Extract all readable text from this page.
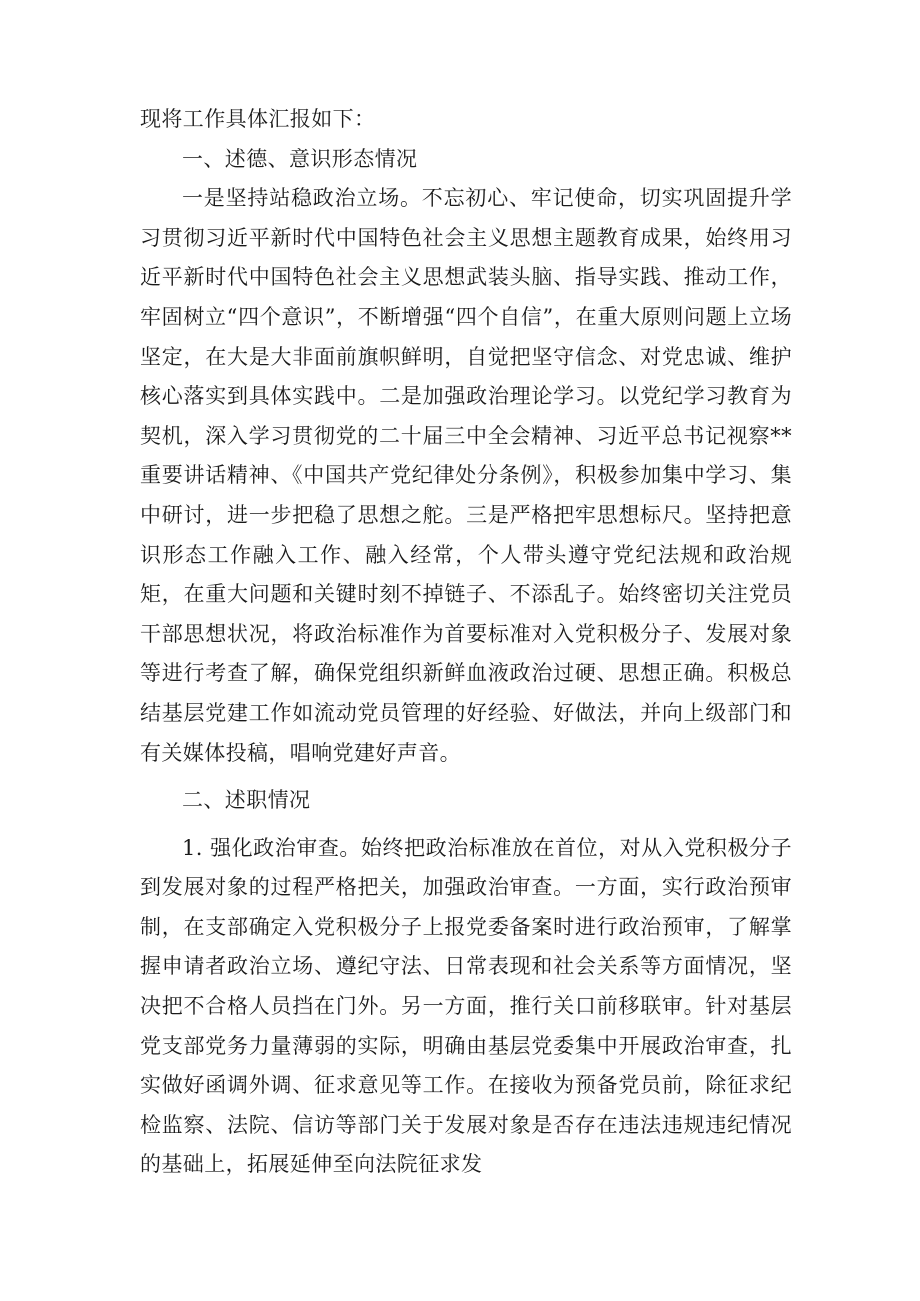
现将工作具体汇报如下：

一、述德、意识形态情况

一是坚持站稳政治立场。不忘初心、牢记使命，切实巩固提升学习贯彻习近平新时代中国特色社会主义思想主题教育成果，始终用习近平新时代中国特色社会主义思想武装头脑、指导实践、推动工作，牢固树立“四个意识”，不断增强“四个自信”，在重大原则问题上立场坚定，在大是大非面前旗帜鲜明，自觉把坚守信念、对党忠诚、维护核心落实到具体实践中。二是加强政治理论学习。以党纪学习教育为契机，深入学习贯彻党的二十届三中全会精神、习近平总书记视察**重要讲话精神、《中国共产党纪律处分条例》，积极参加集中学习、集中研讨，进一步把稳了思想之舵。三是严格把牢思想标尺。坚持把意识形态工作融入工作、融入经常，个人带头遵守党纪法规和政治规矩，在重大问题和关键时刻不掉链子、不添乱子。始终密切关注党员干部思想状况，将政治标准作为首要标准对入党积极分子、发展对象等进行考查了解，确保党组织新鲜血液政治过硬、思想正确。积极总结基层党建工作如流动党员管理的好经验、好做法，并向上级部门和有关媒体投稿，唱响党建好声音。

二、述职情况

1. 强化政治审查。始终把政治标准放在首位，对从入党积极分子到发展对象的过程严格把关，加强政治审查。一方面，实行政治预审制，在支部确定入党积极分子上报党委备案时进行政治预审，了解掌握申请者政治立场、遵纪守法、日常表现和社会关系等方面情况，坚决把不合格人员挡在门外。另一方面，推行关口前移联审。针对基层党支部党务力量薄弱的实际，明确由基层党委集中开展政治审查，扎实做好函调外调、征求意见等工作。在接收为预备党员前，除征求纪检监察、法院、信访等部门关于发展对象是否存在违法违规违纪情况的基础上，拓展延伸至向法院征求发
